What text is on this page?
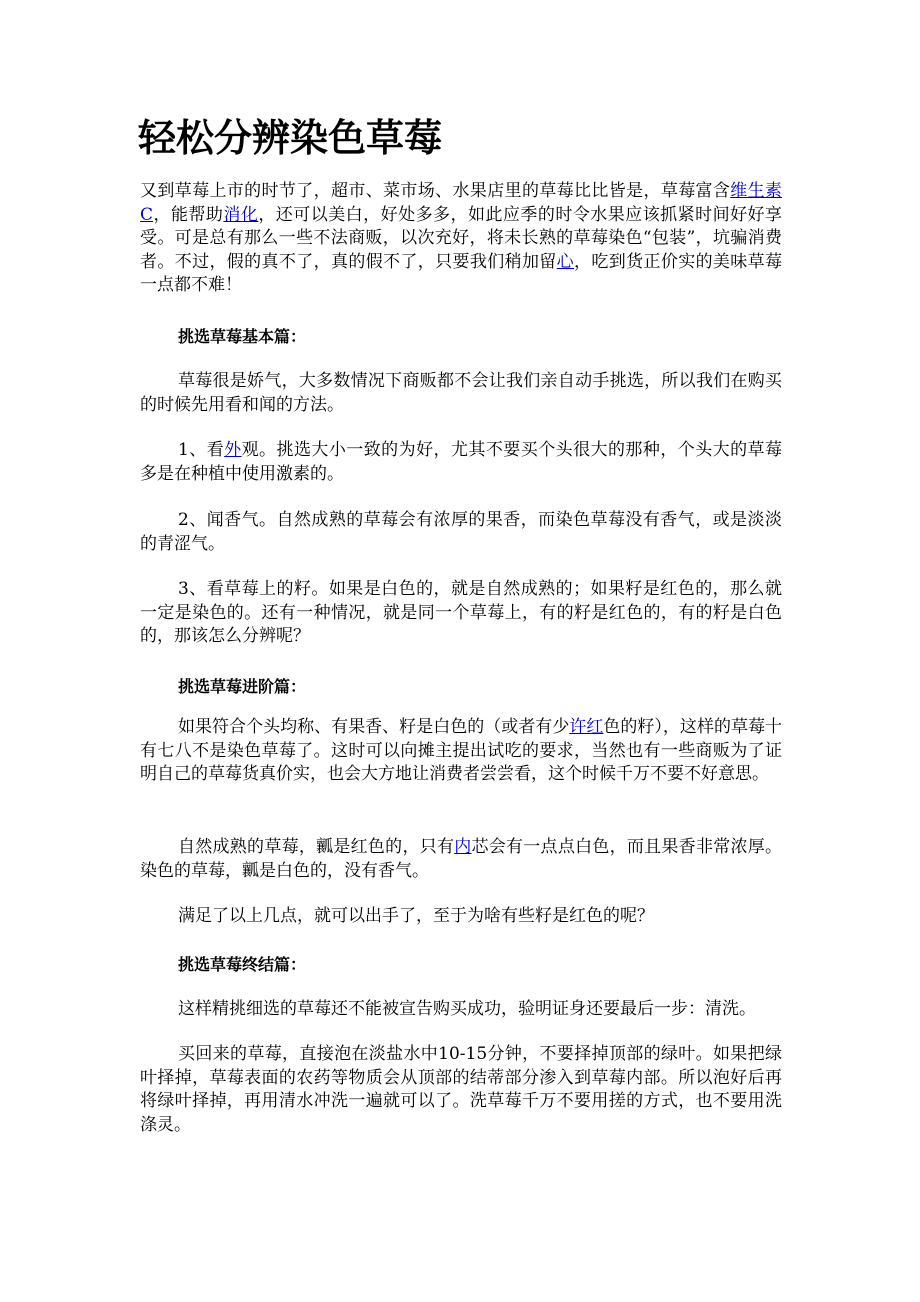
轻松分辨染色草莓

又到草莓上市的时节了，超市、菜市场、水果店里的草莓比比皆是，草莓富含维生素C，能帮助消化，还可以美白，好处多多，如此应季的时令水果应该抓紧时间好好享受。可是总有那么一些不法商贩，以次充好，将未长熟的草莓染色“包装”，坑骗消费者。不过，假的真不了，真的假不了，只要我们稍加留心，吃到货正价实的美味草莓一点都不难！

挑选草莓基本篇：

草莓很是娇气，大多数情况下商贩都不会让我们亲自动手挑选，所以我们在购买的时候先用看和闻的方法。

1、看外观。挑选大小一致的为好，尤其不要买个头很大的那种，个头大的草莓多是在种植中使用激素的。

2、闻香气。自然成熟的草莓会有浓厚的果香，而染色草莓没有香气，或是淡淡的青涩气。

3、看草莓上的籽。如果是白色的，就是自然成熟的；如果籽是红色的，那么就一定是染色的。还有一种情况，就是同一个草莓上，有的籽是红色的，有的籽是白色的，那该怎么分辨呢？

挑选草莓进阶篇：

如果符合个头均称、有果香、籽是白色的（或者有少许红色的籽），这样的草莓十有七八不是染色草莓了。这时可以向摊主提出试吃的要求，当然也有一些商贩为了证明自己的草莓货真价实，也会大方地让消费者尝尝看，这个时候千万不要不好意思。

自然成熟的草莓，瓤是红色的，只有内芯会有一点点白色，而且果香非常浓厚。染色的草莓，瓤是白色的，没有香气。

满足了以上几点，就可以出手了，至于为啥有些籽是红色的呢？

挑选草莓终结篇：

这样精挑细选的草莓还不能被宣告购买成功，验明证身还要最后一步：清洗。

买回来的草莓，直接泡在淡盐水中10-15分钟，不要择掉顶部的绿叶。如果把绿叶择掉，草莓表面的农药等物质会从顶部的结蒂部分渗入到草莓内部。所以泡好后再将绿叶择掉，再用清水冲洗一遍就可以了。洗草莓千万不要用搓的方式，也不要用洗涤灵。
